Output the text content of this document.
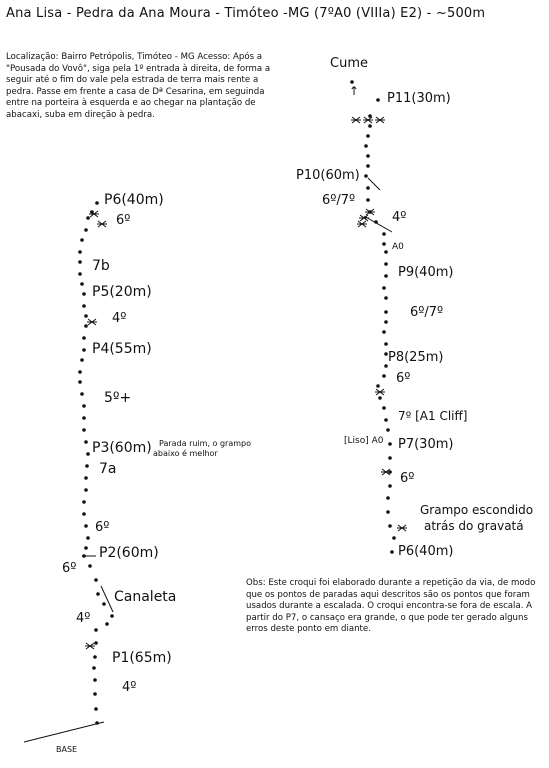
Ana Lisa - Pedra da Ana Moura - Timóteo -MG (7ºA0 (VIIIa) E2) - ~500m
Localização: Bairro Petrópolis, Timóteo - MG Acesso: Após a "Pousada do Vovô", siga pela 1º entrada à direita, de forma a seguir até o fim do vale pela estrada de terra mais rente a pedra. Passe em frente a casa de Dª Cesarina, em seguinda entre na porteira à esquerda e ao chegar na plantação de abacaxi, suba em direção à pedra.
Obs: Este croqui foi elaborado durante a repetição da via, de modo que os pontos de paradas aqui descritos são os pontos que foram usados durante a escalada. O croqui encontra-se fora de escala. A partir do P7, o cansaço era grande, o que pode ter gerado alguns erros deste ponto em diante.
BASE
4º
P1(65m)
4º
Canaleta
6º
P2(60m)
6º
7a
P3(60m) Parada ruim, o grampo
abaixo é melhor
5º+
P4(55m)
4º
P5(20m)
7b
6º
P6(40m)
P6(40m)
Grampo escondido
atrás do gravatá
6º
P7(30m)
[Liso] A0
7º [A1 Cliff]
6º
P8(25m)
6º/7º
P9(40m)
A0
4º
6º/7º
P10(60m)
P11(30m)
↑
Cume
